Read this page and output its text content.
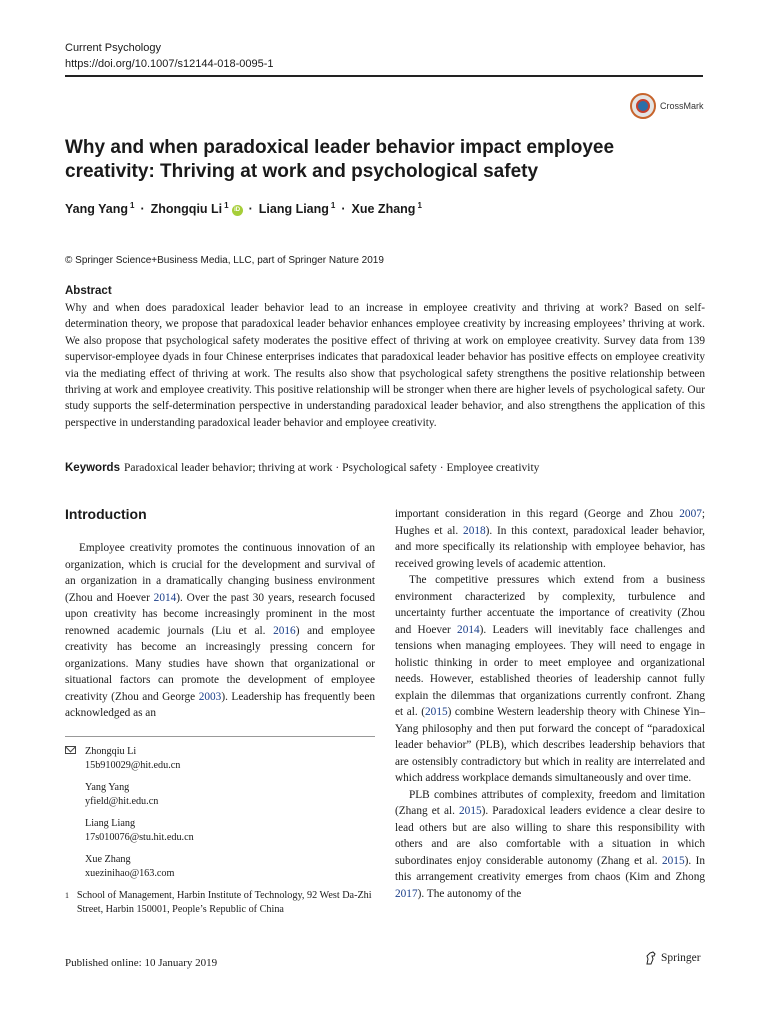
Current Psychology
https://doi.org/10.1007/s12144-018-0095-1
CrossMark
Why and when paradoxical leader behavior impact employee creativity: Thriving at work and psychological safety
Yang Yang $^1$ · Zhongqiu Li $^1$ iD · Liang Liang $^1$ · Xue Zhang $^1$
© Springer Science+Business Media, LLC, part of Springer Nature 2019
Abstract

Why and when does paradoxical leader behavior lead to an increase in employee creativity and thriving at work? Based on self-determination theory, we propose that paradoxical leader behavior enhances employee creativity by increasing employees’ thriving at work. We also propose that psychological safety moderates the positive effect of thriving at work on employee creativity. Survey data from 139 supervisor-employee dyads in four Chinese enterprises indicates that paradoxical leader behavior has positive effects on employee creativity via the mediating effect of thriving at work. The results also show that psychological safety strengthens the positive relationship between thriving at work and employee creativity. This positive relationship will be stronger when there are higher levels of psychological safety. Our study supports the self-determination perspective in understanding paradoxical leader behavior, and also strengthens the application of this perspective in understanding paradoxical leader behavior and employee creativity.

Keywords Paradoxical leader behavior; thriving at work · Psychological safety · Employee creativity
Introduction

Employee creativity promotes the continuous innovation of an organization, which is crucial for the development and survival of an organization in a dramatically changing business environment (Zhou and Hoever 2014). Over the past 30 years, research focused upon creativity has become increasingly prominent in the most renowned academic journals (Liu et al. 2016) and employee creativity has become an increasingly pressing concern for organizations. Many studies have shown that organizational or situational factors can promote the development of employee creativity (Zhou and George 2003). Leadership has frequently been acknowledged as an

Zhongqiu Li
15b910029@hit.edu.cn
Yang Yang
yfield@hit.edu.cn
Liang Liang
17s010076@stu.hit.edu.cn
Xue Zhang
xuezinihao@163.com
1 School of Management, Harbin Institute of Technology, 92 West Da-Zhi Street, Harbin 150001, People’s Republic of China

important consideration in this regard (George and Zhou 2007; Hughes et al. 2018). In this context, paradoxical leader behavior, and more specifically its relationship with employee behavior, has received growing levels of academic attention.

The competitive pressures which extend from a business environment characterized by complexity, turbulence and uncertainty further accentuate the importance of creativity (Zhou and Hoever 2014). Leaders will inevitably face challenges and tensions when managing employees. They will need to engage in holistic thinking in order to meet employee and organizational needs. However, established theories of leadership cannot fully explain the dilemmas that organizations currently confront. Zhang et al. (2015) combine Western leadership theory with Chinese Yin–Yang philosophy and then put forward the concept of “paradoxical leader behavior” (PLB), which describes leadership behaviors that are ostensibly contradictory but which in reality are interrelated and which address workplace demands simultaneously and over time.

PLB combines attributes of complexity, freedom and limitation (Zhang et al. 2015). Paradoxical leaders evidence a clear desire to lead others but are also willing to share this responsibility with others and are also comfortable with a situation in which subordinates enjoy considerable autonomy (Zhang et al. 2015). In this arrangement creativity emerges from chaos (Kim and Zhong 2017). The autonomy of the

Published online: 10 January 2019	Springer
